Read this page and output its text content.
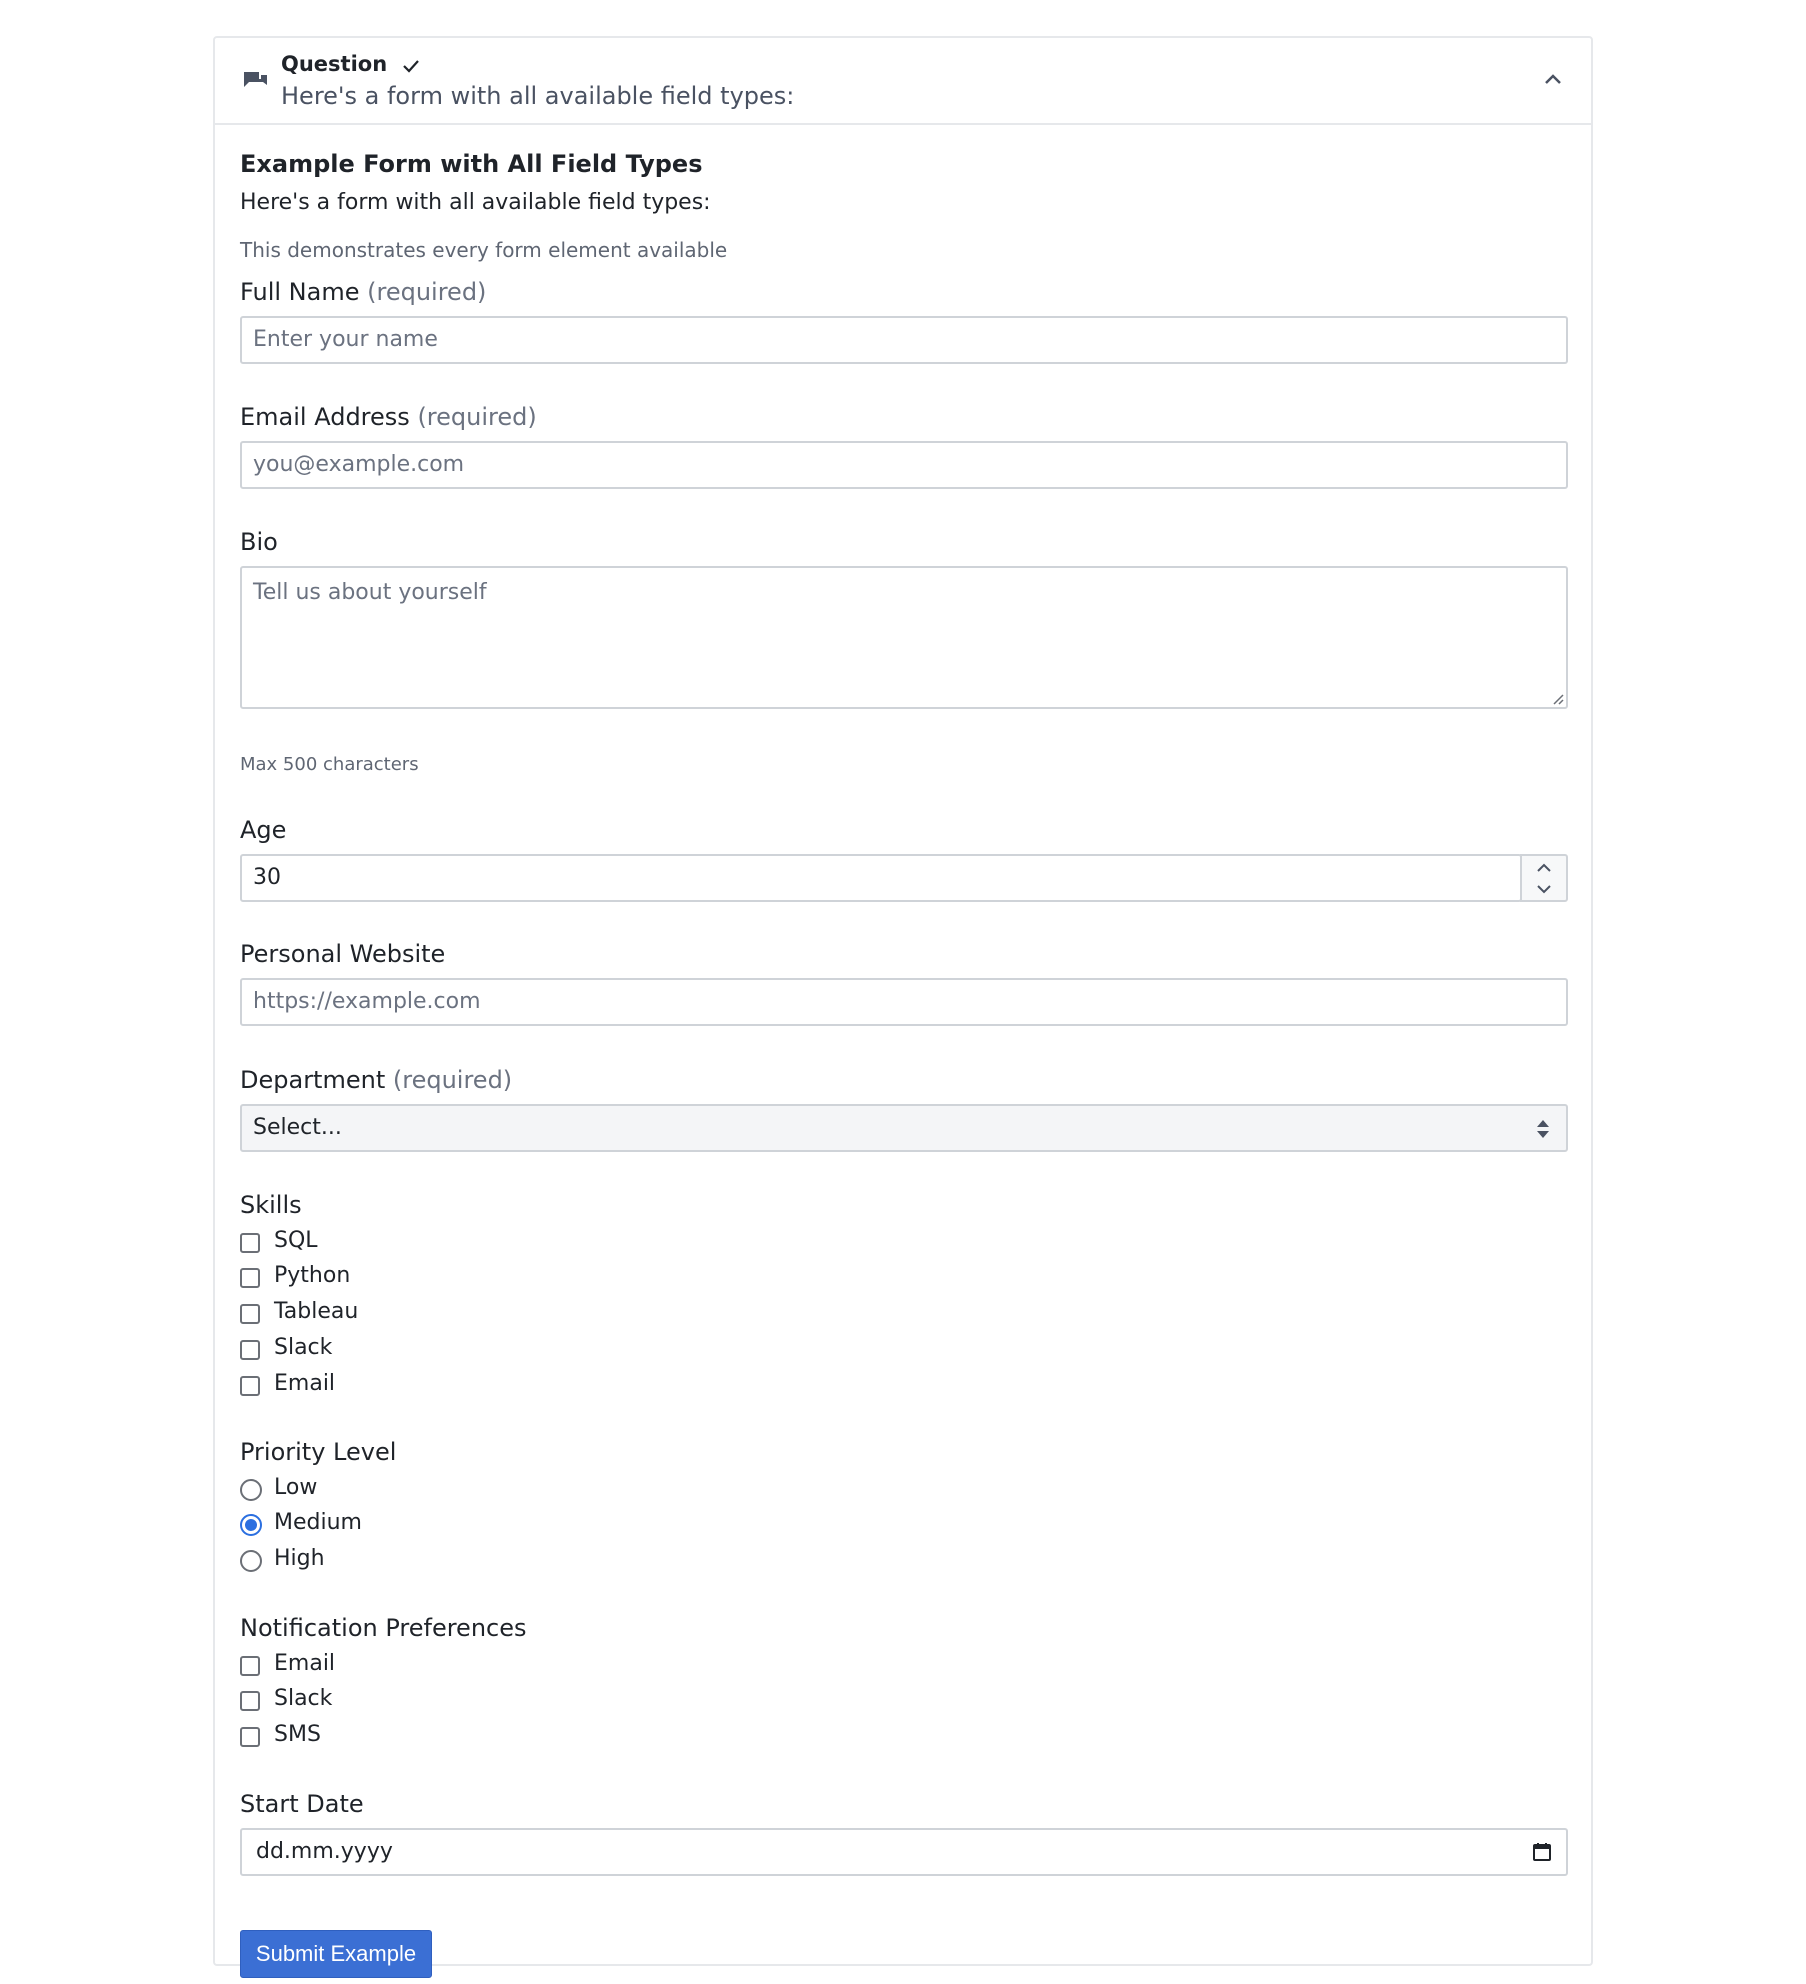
Question
Here's a form with all available field types:
Example Form with All Field Types
Here's a form with all available field types:
This demonstrates every form element available
Full Name (required)
Enter your name
Email Address (required)
you@example.com
Bio
Tell us about yourself
Max 500 characters
Age
30
Personal Website
https://example.com
Department (required)
Select...
Skills
SQL
Python
Tableau
Slack
Email
Priority Level
Low
Medium
High
Notification Preferences
Email
Slack
SMS
Start Date
dd.mm.yyyy
Submit Example
